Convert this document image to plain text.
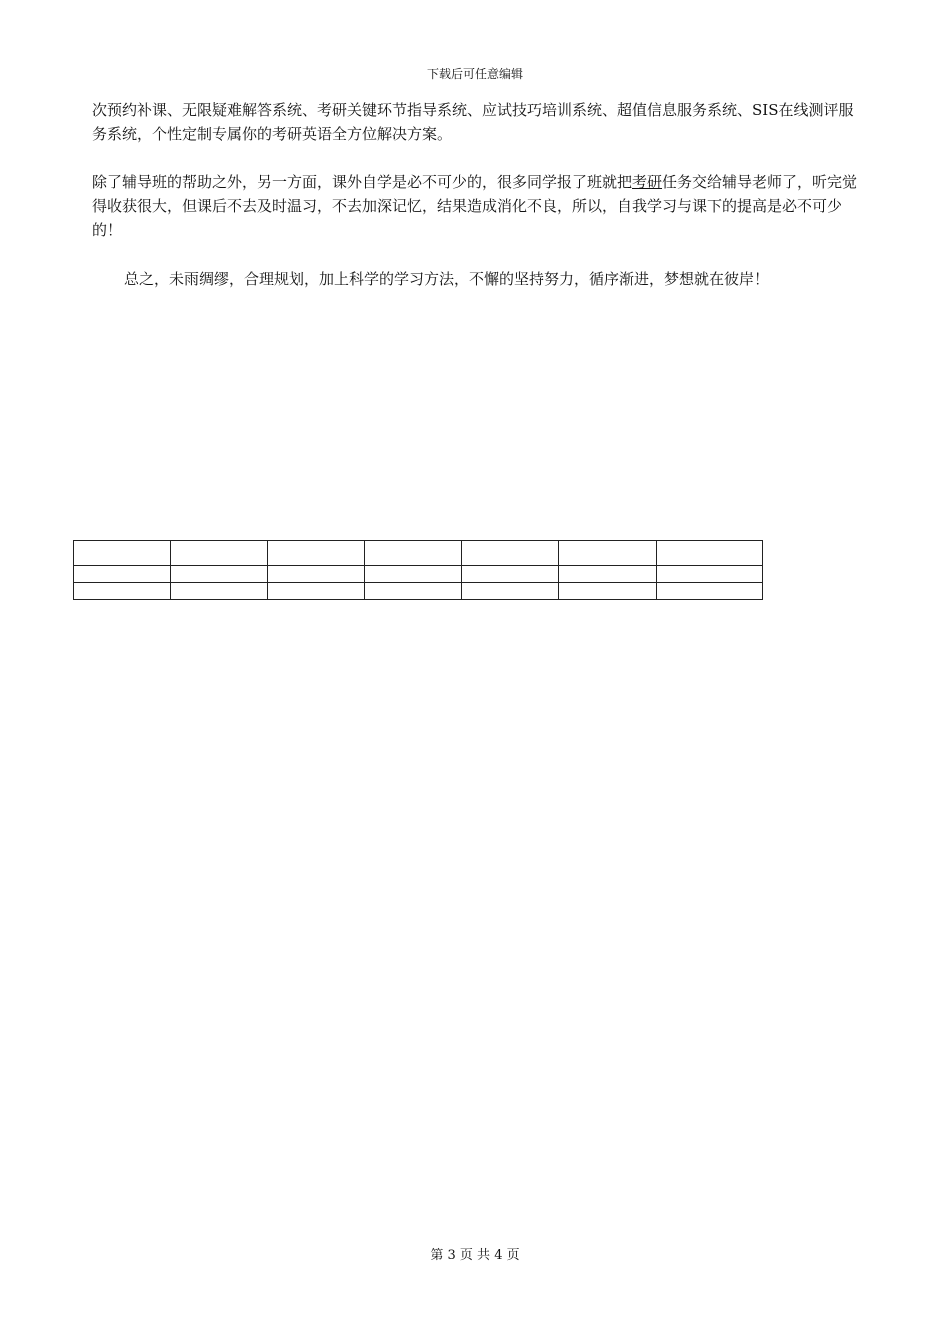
下载后可任意编辑

次预约补课、无限疑难解答系统、考研关键环节指导系统、应试技巧培训系统、超值信息服务系统、SIS在线测评服务系统，个性定制专属你的考研英语全方位解决方案。

除了辅导班的帮助之外，另一方面，课外自学是必不可少的，很多同学报了班就把考研任务交给辅导老师了，听完觉得收获很大，但课后不去及时温习，不去加深记忆，结果造成消化不良，所以，自我学习与课下的提高是必不可少的！

总之，未雨绸缪，合理规划，加上科学的学习方法，不懈的坚持努力，循序渐进，梦想就在彼岸！

第 3 页 共 4 页
